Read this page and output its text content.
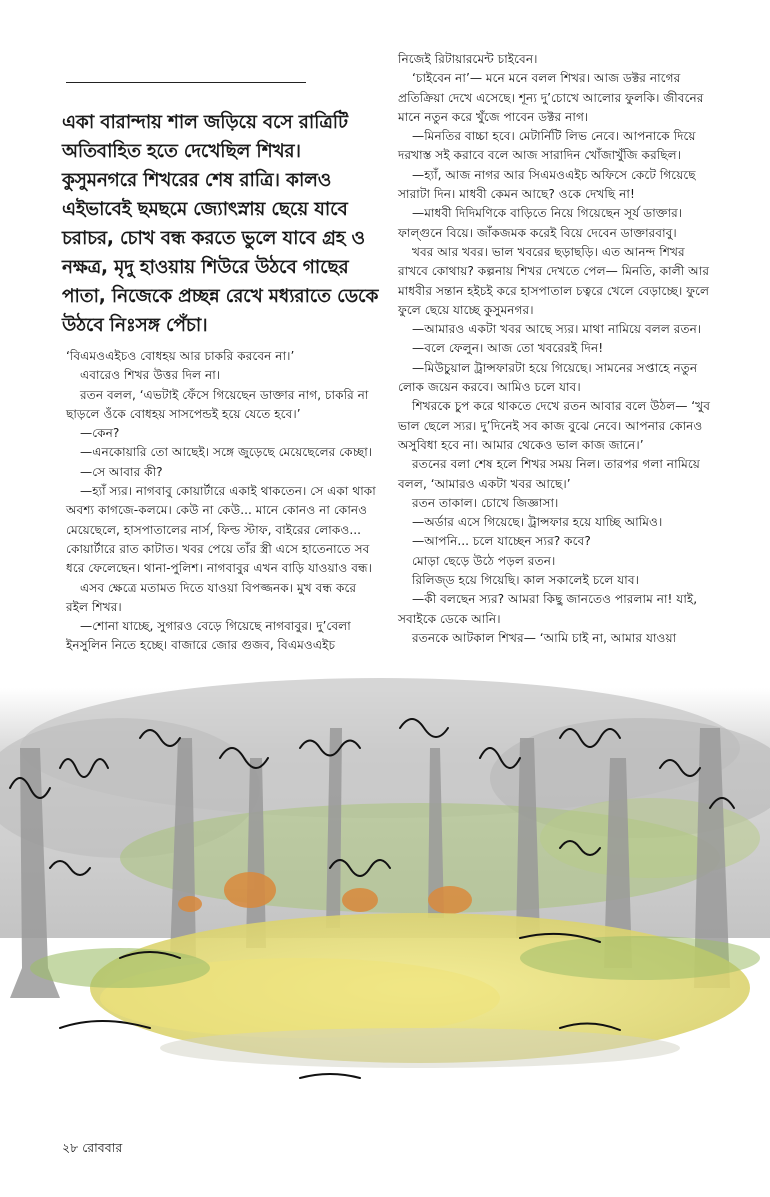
একা বারান্দায় শাল জড়িয়ে বসে রাত্রিটি অতিবাহিত হতে দেখেছিল শিখর। কুসুমনগরে শিখরের শেষ রাত্রি। কালও এইভাবেই ছমছমে জ্যোৎস্নায় ছেয়ে যাবে চরাচর, চোখ বন্ধ করতে ভুলে যাবে গ্রহ ও নক্ষত্র, মৃদু হাওয়ায় শিউরে উঠবে গাছের পাতা, নিজেকে প্রচ্ছন্ন রেখে মধ্যরাতে ডেকে উঠবে নিঃসঙ্গ পেঁচা।

‘বিএমওএইচও বোধহয় আর চাকরি করবেন না।’

এবারেও শিখর উত্তর দিল না।

রতন বলল, ‘এভটাই ফেঁসে গিয়েছেন ডাক্তার নাগ, চাকরি না ছাড়লে ওঁকে বোধহয় সাসপেন্ডই হয়ে যেতে হবে।’

—কেন?

—এনকোয়ারি তো আছেই। সঙ্গে জুড়েছে মেয়েছেলের কেচ্ছা।

—সে আবার কী?

—হ্যাঁ স্যর। নাগবাবু কোয়ার্টারে একাই থাকতেন। সে একা থাকা অবশ্য কাগজে-কলমে। কেউ না কেউ... মানে কোনও না কোনও মেয়েছেলে, হাসপাতালের নার্স, ফিল্ড স্টাফ, বাইরের লোকও... কোয়ার্টারে রাত কাটাত। খবর পেয়ে তাঁর স্ত্রী এসে হাতেনাতে সব ধরে ফেলেছেন। থানা-পুলিশ। নাগবাবুর এখন বাড়ি যাওয়াও বন্ধ।

এসব ক্ষেত্রে মতামত দিতে যাওয়া বিপজ্জনক। মুখ বন্ধ করে রইল শিখর।

—শোনা যাচ্ছে, সুগারও বেড়ে গিয়েছে নাগবাবুর। দু’বেলা ইনসুলিন নিতে হচ্ছে। বাজারে জোর গুজব, বিএমওএইচ

নিজেই রিটায়ারমেন্ট চাইবেন।

‘চাইবেন না’— মনে মনে বলল শিখর। আজ ডক্টর নাগের প্রতিক্রিয়া দেখে এসেছে। শূন্য দু’চোখে আলোর ফুলকি। জীবনের মানে নতুন করে খুঁজে পাবেন ডক্টর নাগ।

—মিনতির বাচ্চা হবে। মেটার্নিটি লিভ নেবে। আপনাকে দিয়ে দরখাস্ত সই করাবে বলে আজ সারাদিন খোঁজাখুঁজি করছিল।

—হ্যাঁ, আজ নাগর আর সিএমওএইচ অফিসে কেটে গিয়েছে সারাটা দিন। মাধবী কেমন আছে? ওকে দেখছি না!

—মাধবী দিদিমণিকে বাড়িতে নিয়ে গিয়েছেন সূর্য ডাক্তার। ফাল্গুনে বিয়ে। জাঁকজমক করেই বিয়ে দেবেন ডাক্তারবাবু।

খবর আর খবর। ভাল খবরের ছড়াছড়ি। এত আনন্দ শিখর রাখবে কোথায়? কল্পনায় শিখর দেখতে পেল— মিনতি, কালী আর মাধবীর সন্তান হইচই করে হাসপাতাল চত্বরে খেলে বেড়াচ্ছে। ফুলে ফুলে ছেয়ে যাচ্ছে কুসুমনগর।

—আমারও একটা খবর আছে স্যর। মাথা নামিয়ে বলল রতন।

—বলে ফেলুন। আজ তো খবরেরই দিন!

—মিউচুয়াল ট্রান্সফারটা হয়ে গিয়েছে। সামনের সপ্তাহে নতুন লোক জয়েন করবে। আমিও চলে যাব।

শিখরকে চুপ করে থাকতে দেখে রতন আবার বলে উঠল— ‘খুব ভাল ছেলে স্যর। দু’দিনেই সব কাজ বুঝে নেবে। আপনার কোনও অসুবিধা হবে না। আমার থেকেও ভাল কাজ জানে।’

রতনের বলা শেষ হলে শিখর সময় নিল। তারপর গলা নামিয়ে বলল, ‘আমারও একটা খবর আছে।’

রতন তাকাল। চোখে জিজ্ঞাসা।

—অর্ডার এসে গিয়েছে। ট্রান্সফার হয়ে যাচ্ছি আমিও।

—আপনি... চলে যাচ্ছেন স্যর? কবে?

মোড়া ছেড়ে উঠে পড়ল রতন।

রিলিজ্‌ড হয়ে গিয়েছি। কাল সকালেই চলে যাব।

—কী বলছেন স্যর? আমরা কিছু জানতেও পারলাম না! যাই, সবাইকে ডেকে আনি।

রতনকে আটকাল শিখর— ‘আমি চাই না, আমার যাওয়া

২৮ রোববার
